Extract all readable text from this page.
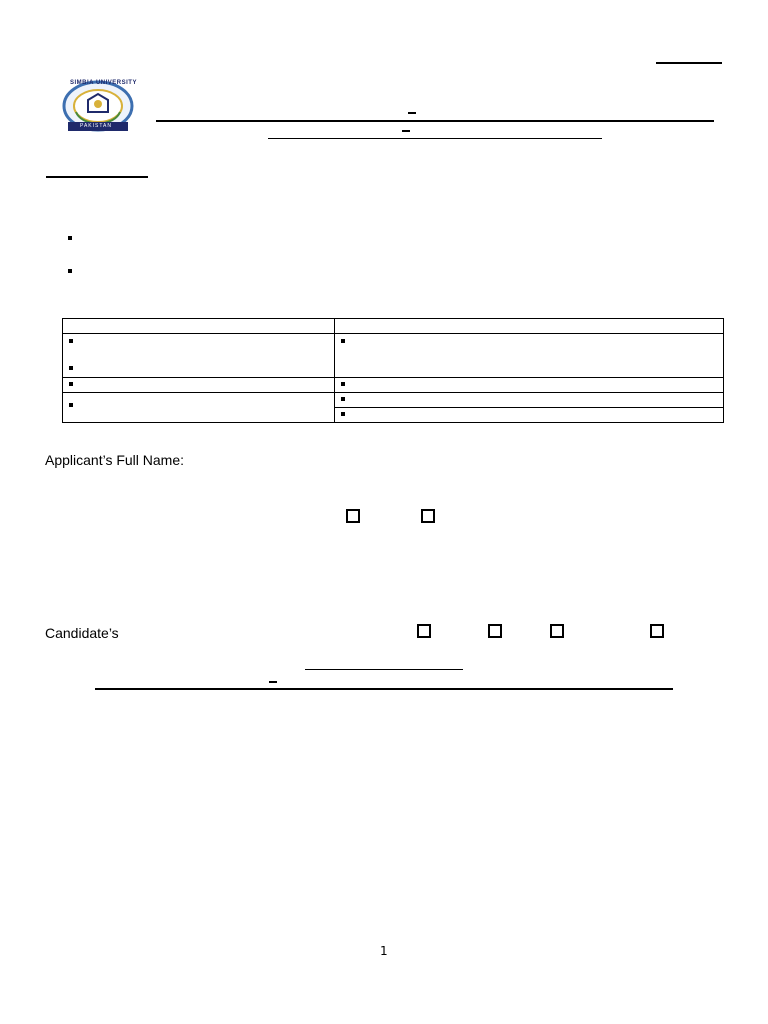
SIMBIA UNIVERSITY
PAKISTAN

Applicant’s Full Name:
Candidate’s
1
